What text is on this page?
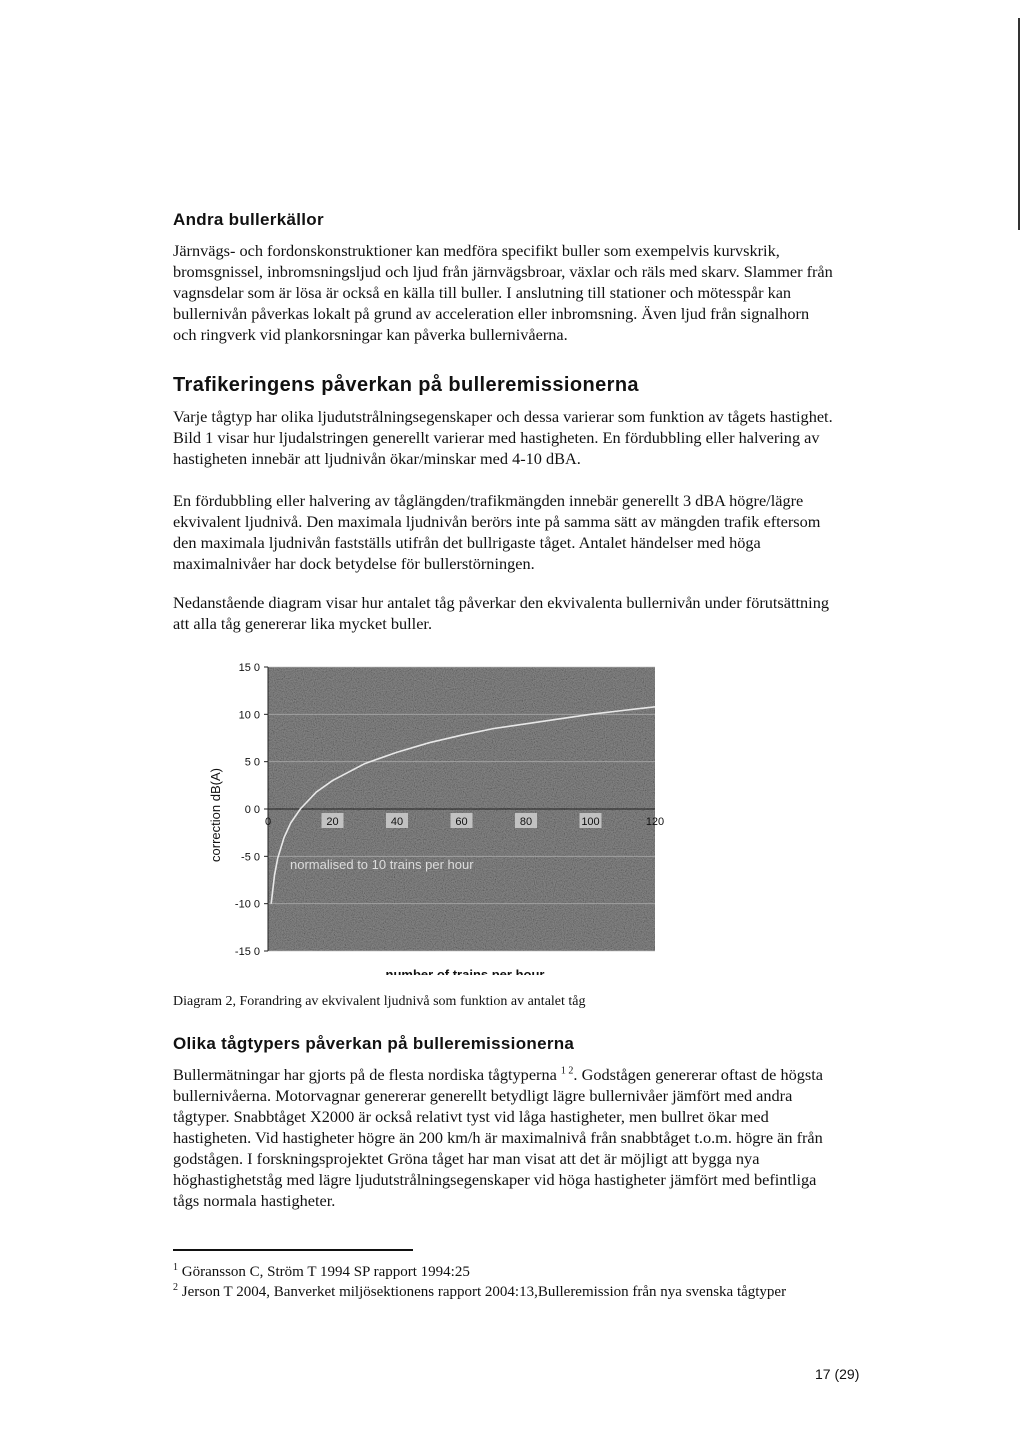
Andra bullerkällor

Järnvägs- och fordonskonstruktioner kan medföra specifikt buller som exempelvis kurvskrik,

bromsgnissel, inbromsningsljud och ljud från järnvägsbroar, växlar och räls med skarv. Slammer från

vagnsdelar som är lösa är också en källa till buller. I anslutning till stationer och mötesspår kan

bullernivån påverkas lokalt på grund av acceleration eller inbromsning. Även ljud från signalhorn

och ringverk vid plankorsningar kan påverka bullernivåerna.

Trafikeringens påverkan på bulleremissionerna

Varje tågtyp har olika ljudutstrålningsegenskaper och dessa varierar som funktion av tågets hastighet.

Bild 1 visar hur ljudalstringen generellt varierar med hastigheten. En fördubbling eller halvering av

hastigheten innebär att ljudnivån ökar/minskar med 4-10 dBA.

En fördubbling eller halvering av tåglängden/trafikmängden innebär generellt 3 dBA högre/lägre

ekvivalent ljudnivå. Den maximala ljudnivån berörs inte på samma sätt av mängden trafik eftersom

den maximala ljudnivån fastställs utifrån det bullrigaste tåget. Antalet händelser med höga

maximalnivåer har dock betydelse för bullerstörningen.

Nedanstående diagram visar hur antalet tåg påverkar den ekvivalenta bullernivån under förutsättning

att alla tåg genererar lika mycket buller.

15 0
10 0
5 0
0 0
-5 0
-10 0
-15 0
0	20	40	60	80	100	120
correction dB(A)
number of trains per hour
normalised to 10 trains per hour
Diagram 2, Forandring av ekvivalent ljudnivå som funktion av antalet tåg
Olika tågtypers påverkan på bulleremissionerna

Bullermätningar har gjorts på de flesta nordiska tågtyperna $^{1 2}$. Godstågen genererar oftast de högsta

bullernivåerna. Motorvagnar genererar generellt betydligt lägre bullernivåer jämfört med andra

tågtyper. Snabbtåget X2000 är också relativt tyst vid låga hastigheter, men bullret ökar med

hastigheten. Vid hastigheter högre än 200 km/h är maximalnivå från snabbtåget t.o.m. högre än från

godstågen. I forskningsprojektet Gröna tåget har man visat att det är möjligt att bygga nya

höghastighetståg med lägre ljudutstrålningsegenskaper vid höga hastigheter jämfört med befintliga

tågs normala hastigheter.

$^1$ Göransson C, Ström T 1994 SP rapport 1994:25

$^2$ Jerson T 2004, Banverket miljösektionens rapport 2004:13,Bulleremission från nya svenska tågtyper

17 (29)
